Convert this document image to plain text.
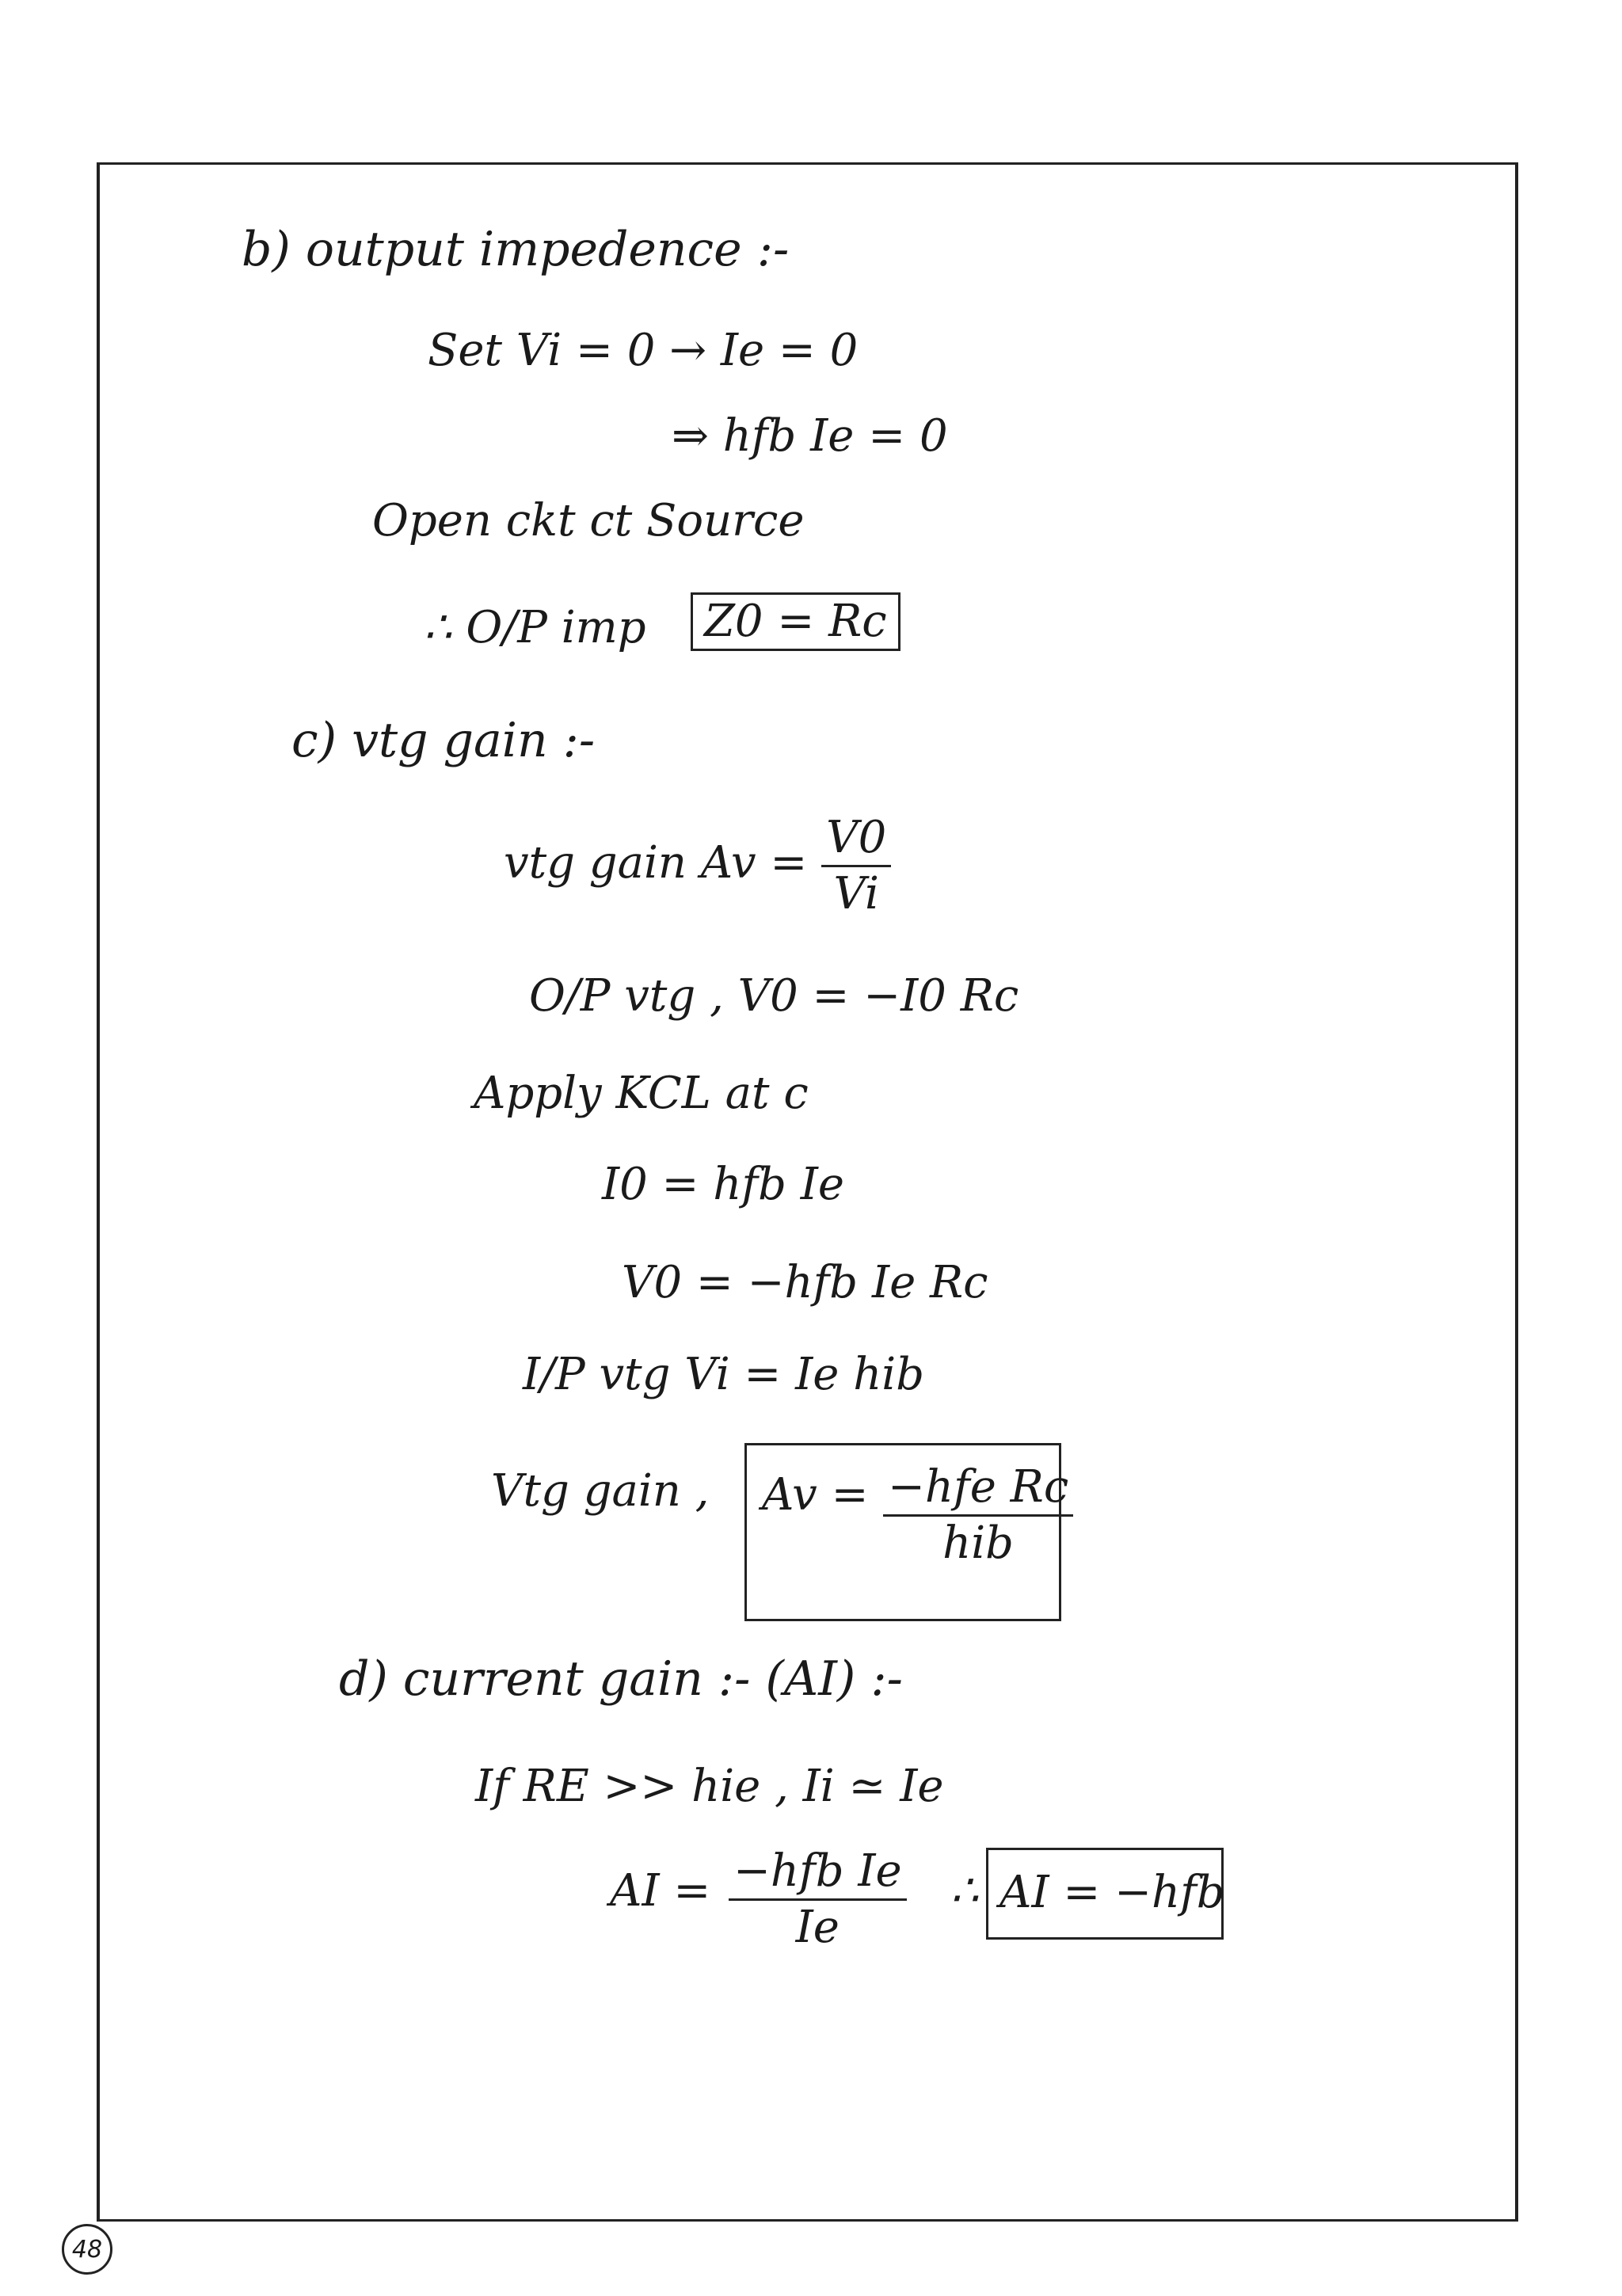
b) output impedence :-
Set Vi = 0 → Ie = 0
⇒ hfb Ie = 0
Open ckt ct Source
∴ O/P imp	Z0 = Rc
c) vtg gain :-
vtg gain $Av = \frac{V0}{Vi}$
O/P vtg , V0 = −I0 Rc
Apply KCL at c
I0 = hfb Ie
V0 = −hfb Ie Rc
I/P vtg Vi = Ie hib
Vtg gain , Av = −hfe Rc
hib
d) current gain :- (AI) :-
If RE >> hie , Ii ≃ Ie
AI = −hfb Ie
Ie
∴ AI = −hfb
48
